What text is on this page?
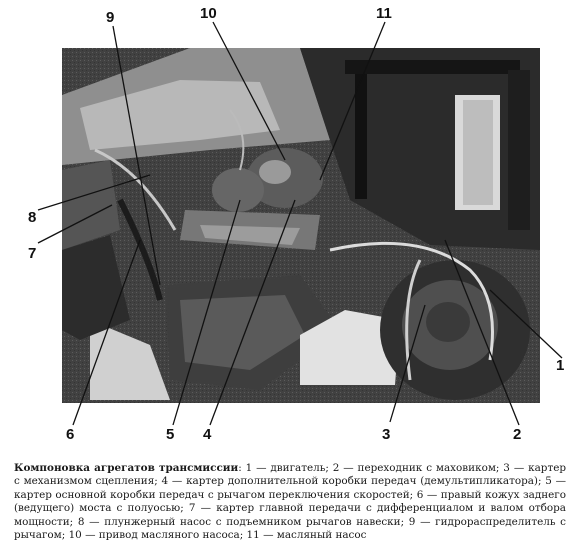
1
2
3
4
5
6
7
8
9	10	11
Компоновка агрегатов трансмиссии: 1 — двигатель; 2 — переходник с маховиком; 3 — картер с механизмом сцепления; 4 — картер дополнительной коробки передач (демультипликатора); 5 — картер основной коробки передач с рычагом переключения скоростей; 6 — правый кожух заднего (ведущего) моста с полуосью; 7 — картер главной передачи с дифференциалом и валом отбора мощности; 8 — плунжерный насос с подъемником рычагов навески; 9 — гидрораспределитель с рычагом; 10 — привод масляного насоса; 11 — масляный насос
